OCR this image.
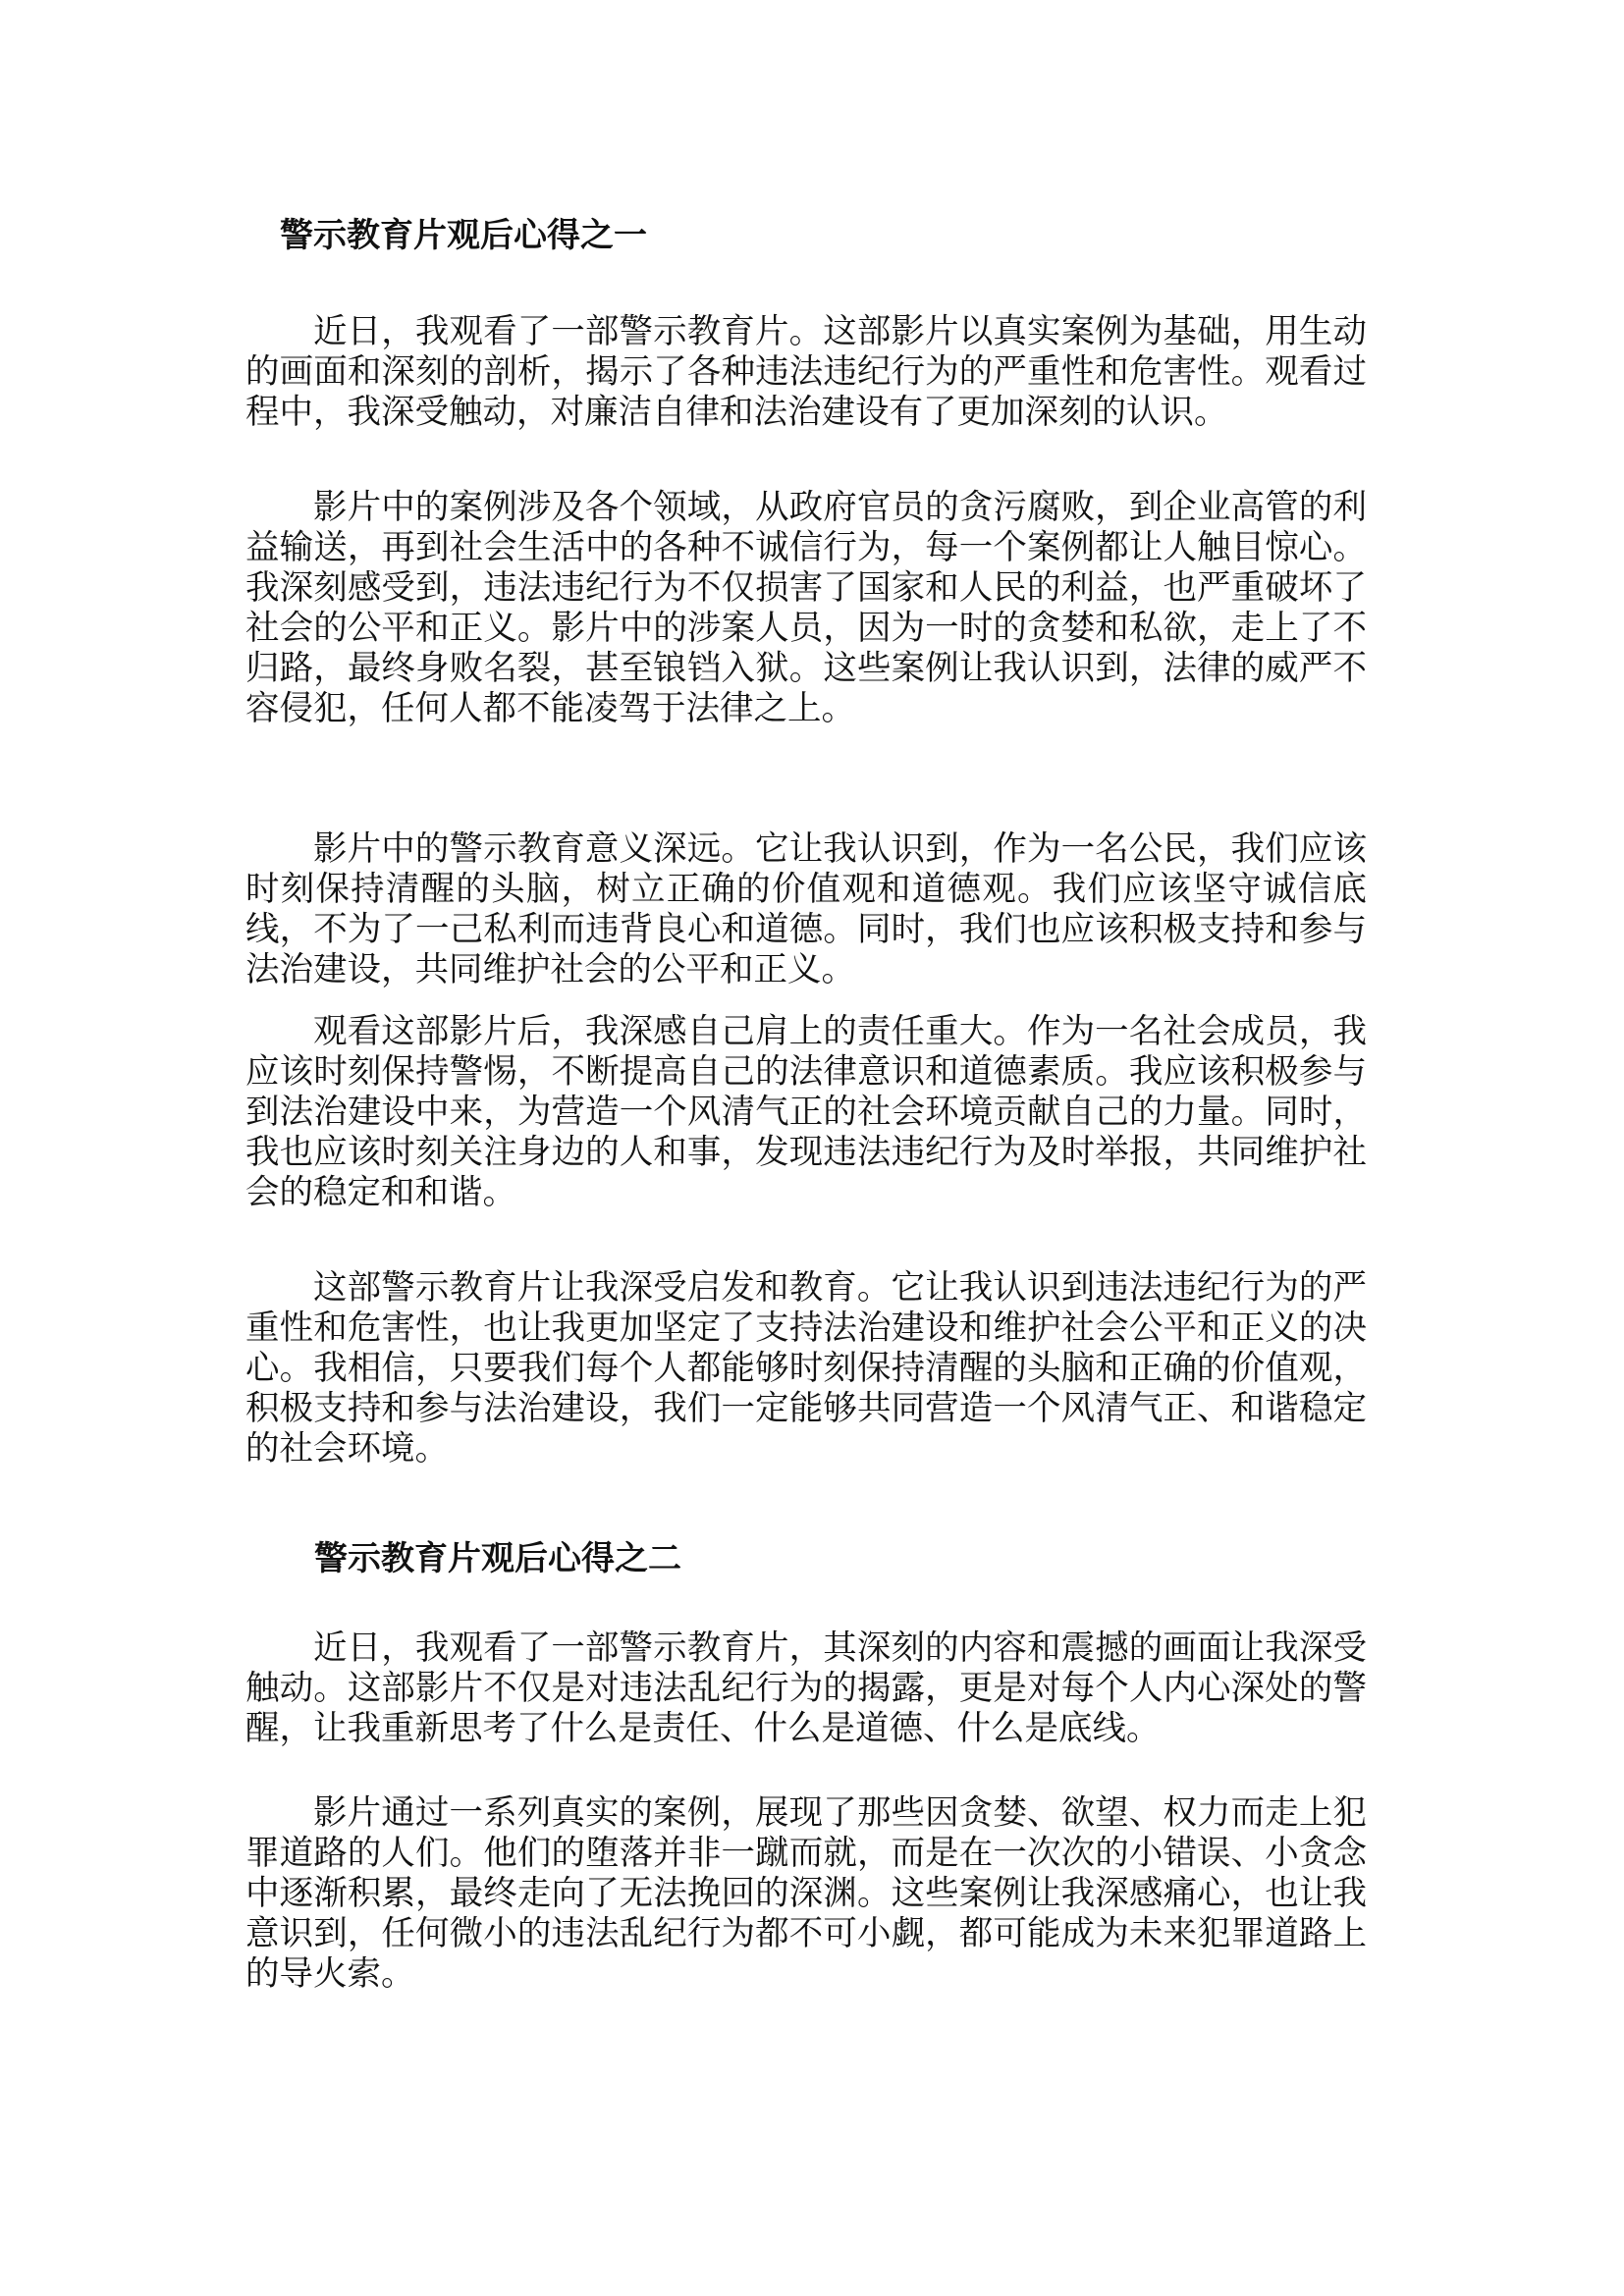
警示教育片观后心得之一

近日，我观看了一部警示教育片。这部影片以真实案例为基础，用生动的画面和深刻的剖析，揭示了各种违法违纪行为的严重性和危害性。观看过程中，我深受触动，对廉洁自律和法治建设有了更加深刻的认识。

影片中的案例涉及各个领域，从政府官员的贪污腐败，到企业高管的利益输送，再到社会生活中的各种不诚信行为，每一个案例都让人触目惊心。我深刻感受到，违法违纪行为不仅损害了国家和人民的利益，也严重破坏了社会的公平和正义。影片中的涉案人员，因为一时的贪婪和私欲，走上了不归路，最终身败名裂，甚至锒铛入狱。这些案例让我认识到，法律的威严不容侵犯，任何人都不能凌驾于法律之上。

影片中的警示教育意义深远。它让我认识到，作为一名公民，我们应该时刻保持清醒的头脑，树立正确的价值观和道德观。我们应该坚守诚信底线，不为了一己私利而违背良心和道德。同时，我们也应该积极支持和参与法治建设，共同维护社会的公平和正义。

观看这部影片后，我深感自己肩上的责任重大。作为一名社会成员，我应该时刻保持警惕，不断提高自己的法律意识和道德素质。我应该积极参与到法治建设中来，为营造一个风清气正的社会环境贡献自己的力量。同时，我也应该时刻关注身边的人和事，发现违法违纪行为及时举报，共同维护社会的稳定和和谐。

这部警示教育片让我深受启发和教育。它让我认识到违法违纪行为的严重性和危害性，也让我更加坚定了支持法治建设和维护社会公平和正义的决心。我相信，只要我们每个人都能够时刻保持清醒的头脑和正确的价值观，积极支持和参与法治建设，我们一定能够共同营造一个风清气正、和谐稳定的社会环境。

警示教育片观后心得之二

近日，我观看了一部警示教育片，其深刻的内容和震撼的画面让我深受触动。这部影片不仅是对违法乱纪行为的揭露，更是对每个人内心深处的警醒，让我重新思考了什么是责任、什么是道德、什么是底线。

影片通过一系列真实的案例，展现了那些因贪婪、欲望、权力而走上犯罪道路的人们。他们的堕落并非一蹴而就，而是在一次次的小错误、小贪念中逐渐积累，最终走向了无法挽回的深渊。这些案例让我深感痛心，也让我意识到，任何微小的违法乱纪行为都不可小觑，都可能成为未来犯罪道路上的导火索。
